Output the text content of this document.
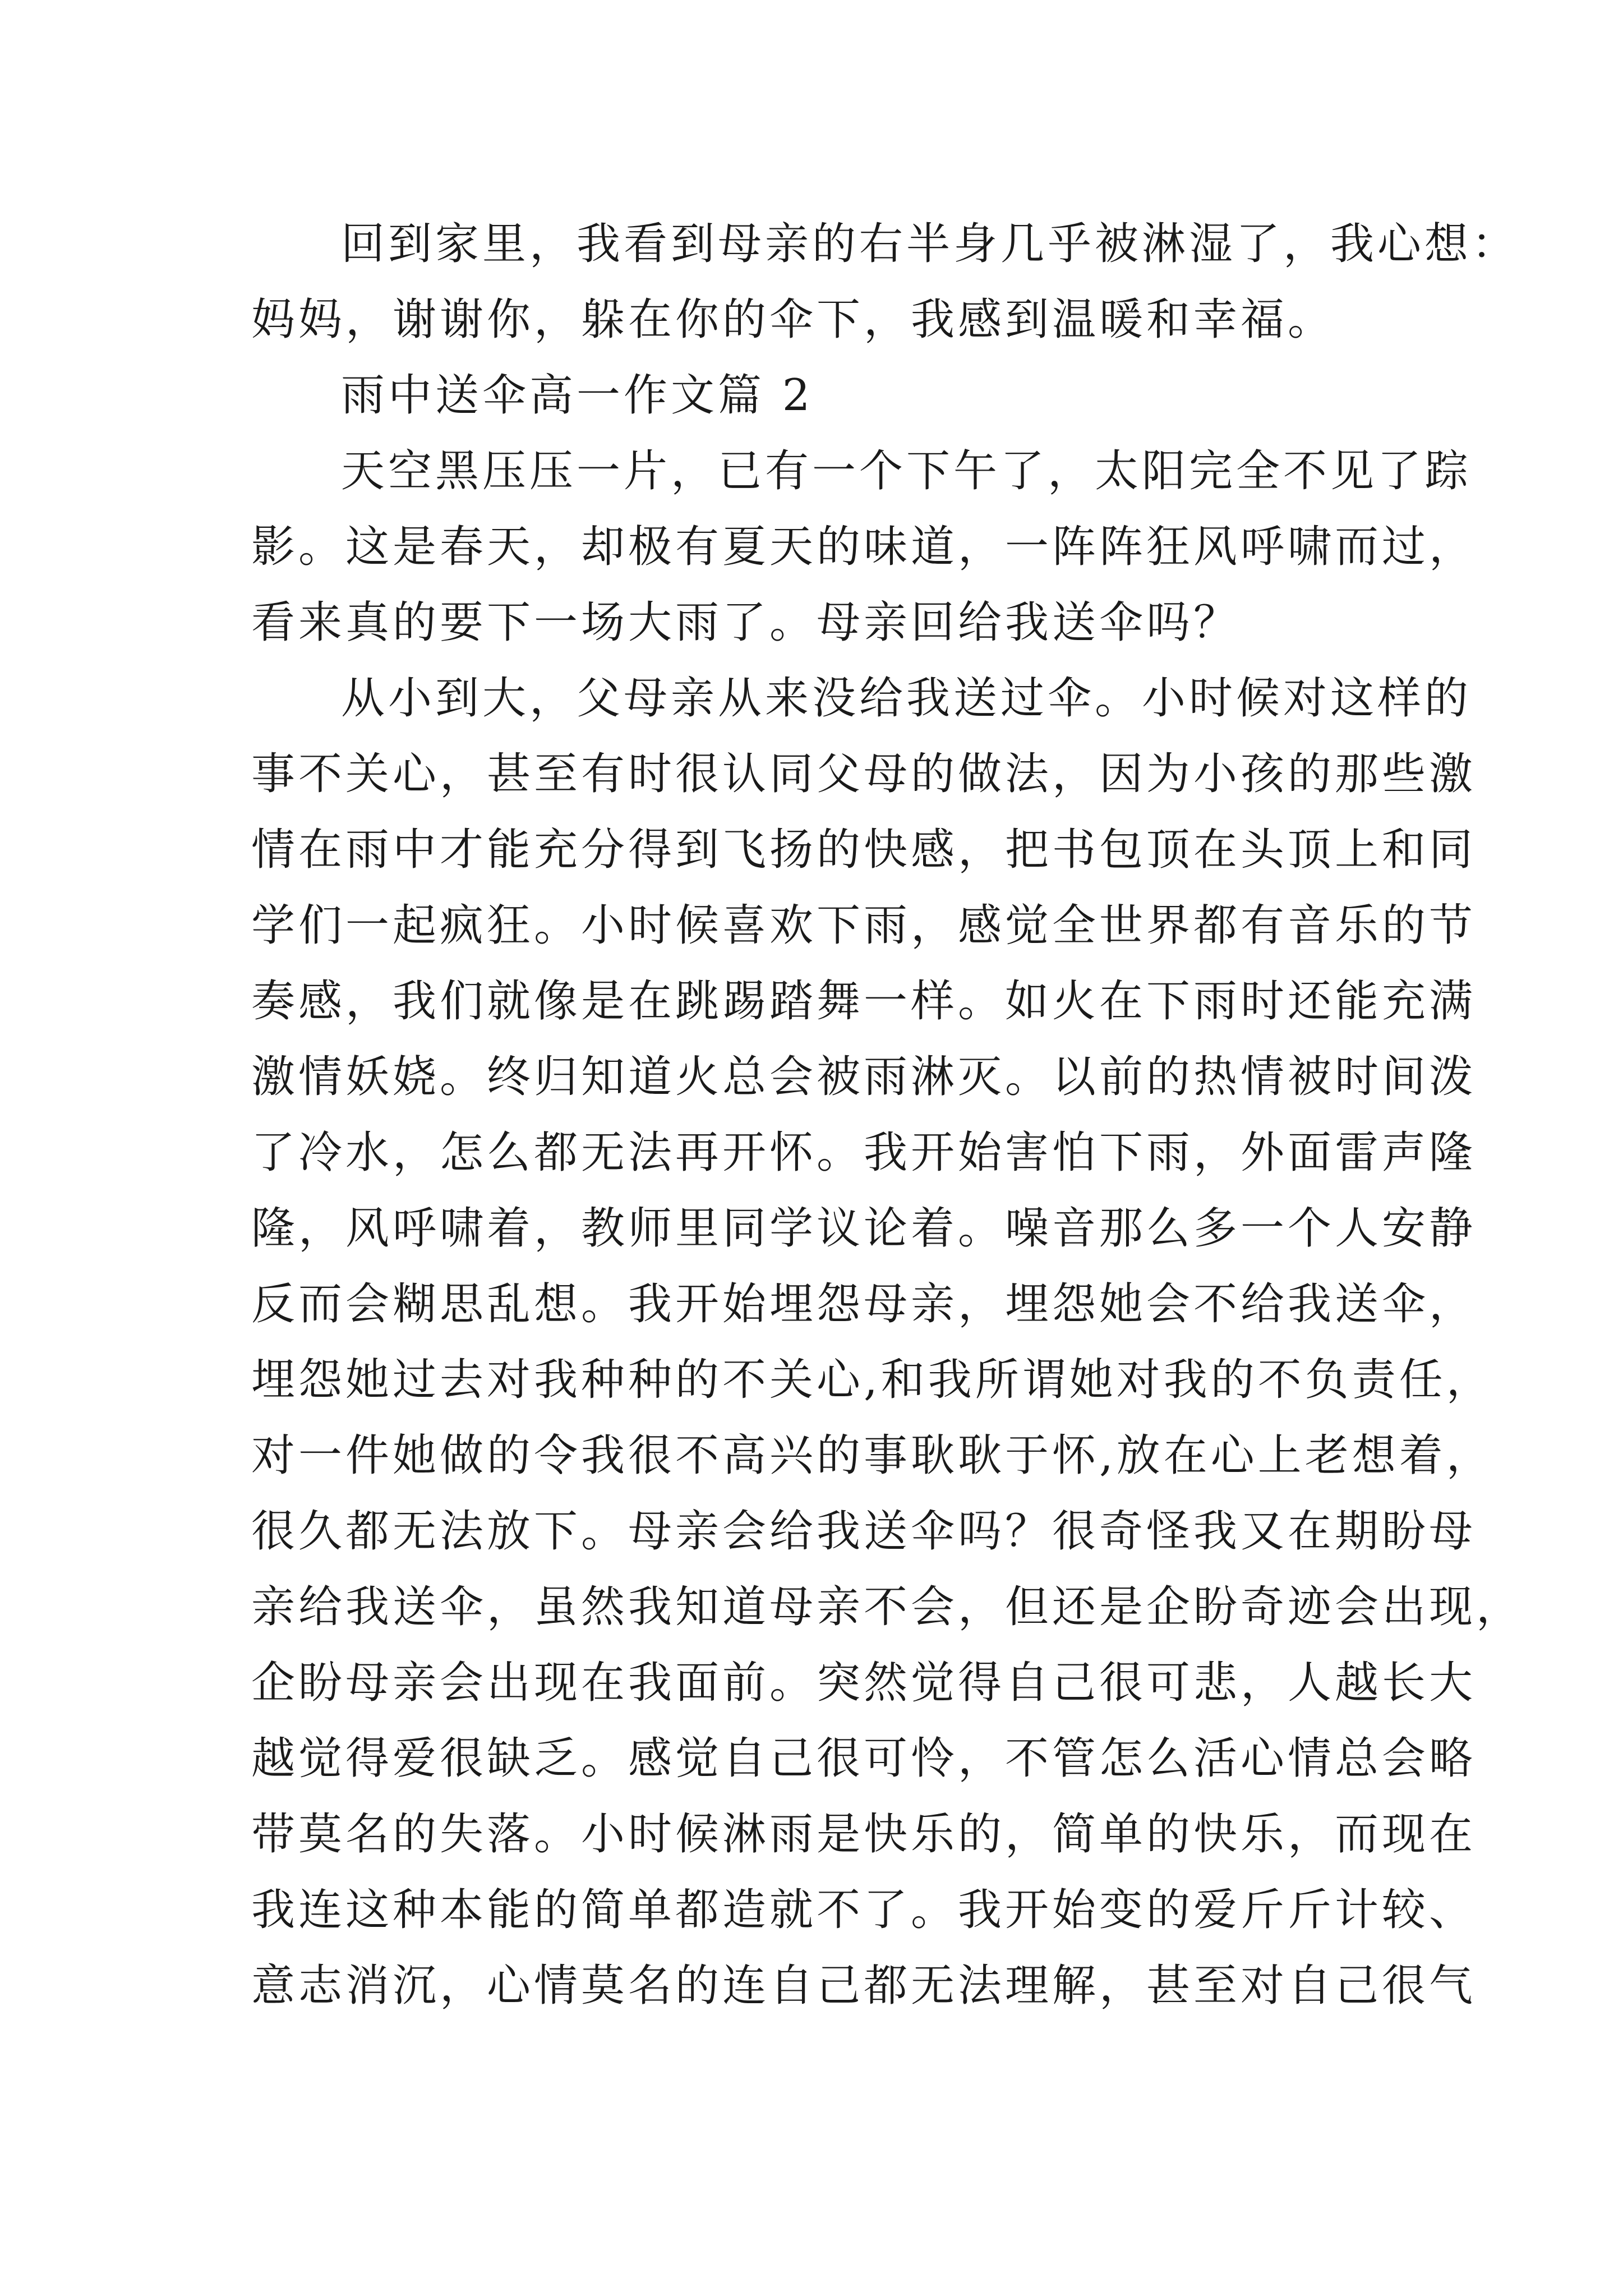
回到家里，我看到母亲的右半身几乎被淋湿了，我心想：
妈妈，谢谢你，躲在你的伞下，我感到温暖和幸福。

雨中送伞高一作文篇 2

天空黑压压一片，已有一个下午了，太阳完全不见了踪
影。这是春天，却极有夏天的味道，一阵阵狂风呼啸而过，
看来真的要下一场大雨了。母亲回给我送伞吗？

从小到大，父母亲从来没给我送过伞。小时候对这样的
事不关心，甚至有时很认同父母的做法，因为小孩的那些激
情在雨中才能充分得到飞扬的快感，把书包顶在头顶上和同
学们一起疯狂。小时候喜欢下雨，感觉全世界都有音乐的节
奏感，我们就像是在跳踢踏舞一样。如火在下雨时还能充满
激情妖娆。终归知道火总会被雨淋灭。以前的热情被时间泼
了冷水，怎么都无法再开怀。我开始害怕下雨，外面雷声隆
隆，风呼啸着，教师里同学议论着。噪音那么多一个人安静
反而会糊思乱想。我开始埋怨母亲，埋怨她会不给我送伞，
埋怨她过去对我种种的不关心,和我所谓她对我的不负责任，
对一件她做的令我很不高兴的事耿耿于怀,放在心上老想着，
很久都无法放下。母亲会给我送伞吗？很奇怪我又在期盼母
亲给我送伞，虽然我知道母亲不会，但还是企盼奇迹会出现，
企盼母亲会出现在我面前。突然觉得自己很可悲，人越长大
越觉得爱很缺乏。感觉自己很可怜，不管怎么活心情总会略
带莫名的失落。小时候淋雨是快乐的，简单的快乐，而现在
我连这种本能的简单都造就不了。我开始变的爱斤斤计较、
意志消沉，心情莫名的连自己都无法理解，甚至对自己很气
